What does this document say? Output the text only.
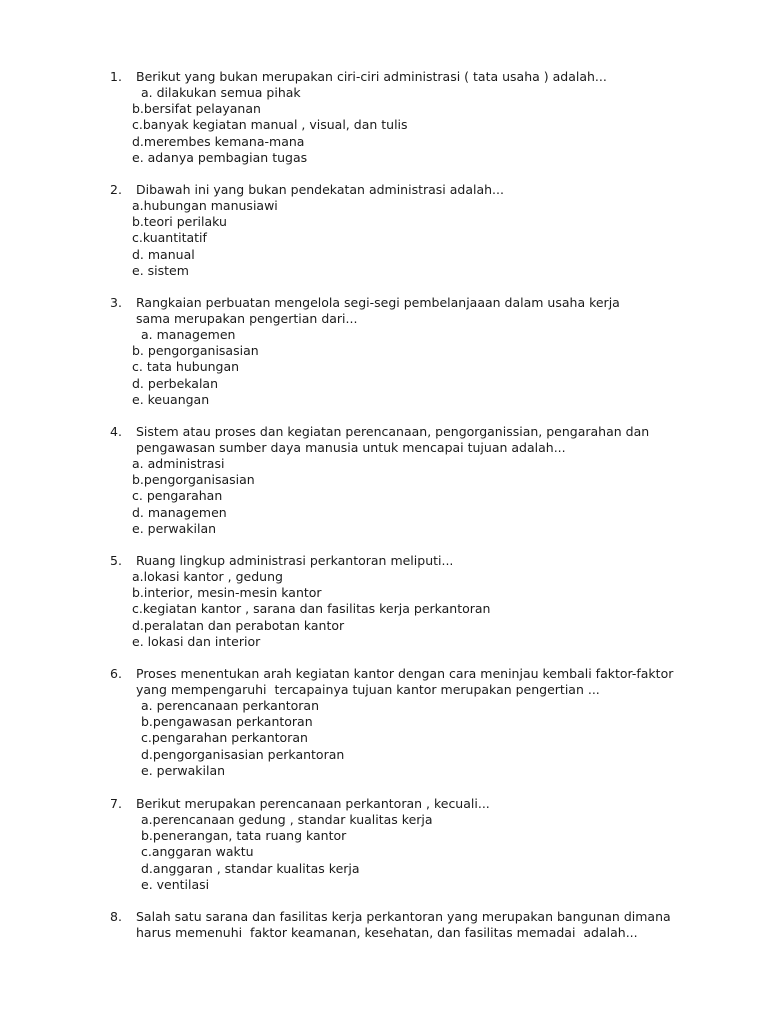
1. Berikut yang bukan merupakan ciri-ciri administrasi ( tata usaha ) adalah...
a. dilakukan semua pihak
b.bersifat pelayanan
c.banyak kegiatan manual , visual, dan tulis
d.merembes kemana-mana
e. adanya pembagian tugas
2. Dibawah ini yang bukan pendekatan administrasi adalah...
a.hubungan manusiawi
b.teori perilaku
c.kuantitatif
d. manual
e. sistem
3. Rangkaian perbuatan mengelola segi-segi pembelanjaaan dalam usaha kerja sama merupakan pengertian dari...
a. managemen
b. pengorganisasian
c. tata hubungan
d. perbekalan
e. keuangan
4. Sistem atau proses dan kegiatan perencanaan, pengorganissian, pengarahan dan pengawasan sumber daya manusia untuk mencapai tujuan adalah...
a. administrasi
b.pengorganisasian
c. pengarahan
d. managemen
e. perwakilan
5. Ruang lingkup administrasi perkantoran meliputi...
a.lokasi kantor , gedung
b.interior, mesin-mesin kantor
c.kegiatan kantor , sarana dan fasilitas kerja perkantoran
d.peralatan dan perabotan kantor
e. lokasi dan interior
6. Proses menentukan arah kegiatan kantor dengan cara meninjau kembali faktor-faktor yang mempengaruhi  tercapainya tujuan kantor merupakan pengertian ...
a. perencanaan perkantoran
b.pengawasan perkantoran
c.pengarahan perkantoran
d.pengorganisasian perkantoran
e. perwakilan
7. Berikut merupakan perencanaan perkantoran , kecuali...
a.perencanaan gedung , standar kualitas kerja
b.penerangan, tata ruang kantor
c.anggaran waktu
d.anggaran , standar kualitas kerja
e. ventilasi
8. Salah satu sarana dan fasilitas kerja perkantoran yang merupakan bangunan dimana harus memenuhi  faktor keamanan, kesehatan, dan fasilitas memadai  adalah...
